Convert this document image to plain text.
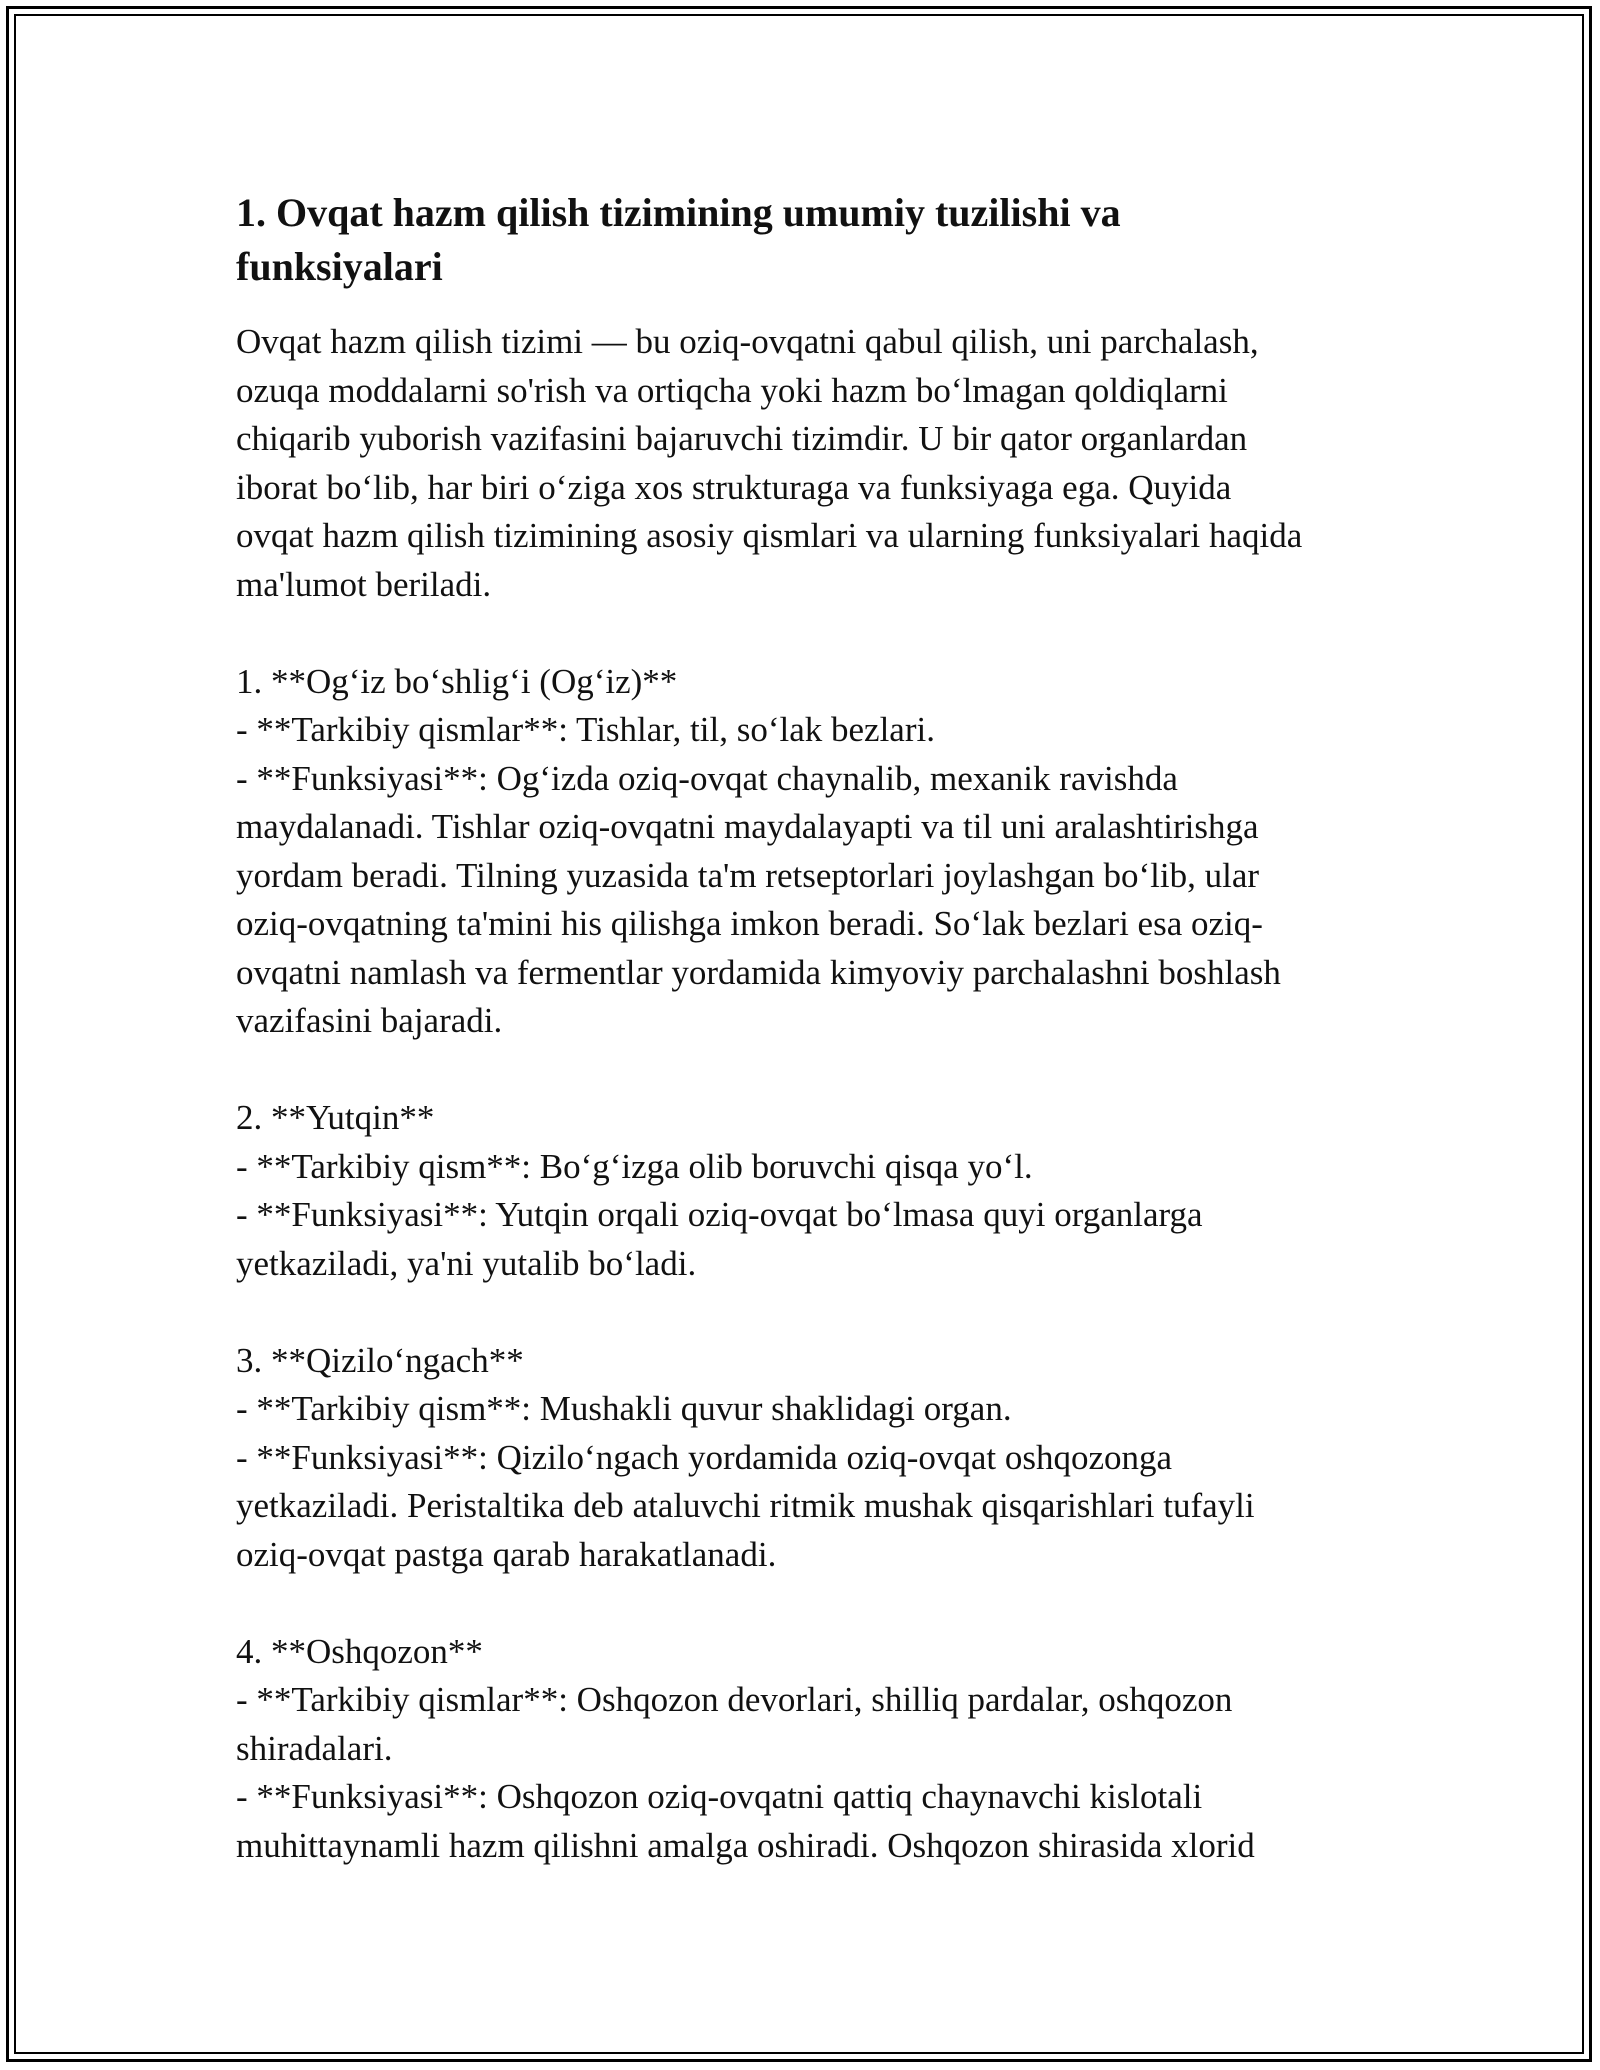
1. Ovqat hazm qilish tizimining umumiy tuzilishi va
funksiyalari

Ovqat hazm qilish tizimi — bu oziq-ovqatni qabul qilish, uni parchalash,
ozuqa moddalarni so'rish va ortiqcha yoki hazm boʻlmagan qoldiqlarni
chiqarib yuborish vazifasini bajaruvchi tizimdir. U bir qator organlardan
iborat boʻlib, har biri oʻziga xos strukturaga va funksiyaga ega. Quyida
ovqat hazm qilish tizimining asosiy qismlari va ularning funksiyalari haqida
ma'lumot beriladi.

1. **Ogʻiz boʻshligʻi (Ogʻiz)**

- **Tarkibiy qismlar**: Tishlar, til, soʻlak bezlari.

- **Funksiyasi**: Ogʻizda oziq-ovqat chaynalib, mexanik ravishda
maydalanadi. Tishlar oziq-ovqatni maydalayapti va til uni aralashtirishga
yordam beradi. Tilning yuzasida ta'm retseptorlari joylashgan boʻlib, ular
oziq-ovqatning ta'mini his qilishga imkon beradi. Soʻlak bezlari esa oziq-
ovqatni namlash va fermentlar yordamida kimyoviy parchalashni boshlash
vazifasini bajaradi.

2. **Yutqin**

- **Tarkibiy qism**: Boʻgʻizga olib boruvchi qisqa yoʻl.

- **Funksiyasi**: Yutqin orqali oziq-ovqat boʻlmasa quyi organlarga
yetkaziladi, ya'ni yutalib boʻladi.

3. **Qiziloʻngach**

- **Tarkibiy qism**: Mushakli quvur shaklidagi organ.

- **Funksiyasi**: Qiziloʻngach yordamida oziq-ovqat oshqozonga
yetkaziladi. Peristaltika deb ataluvchi ritmik mushak qisqarishlari tufayli
oziq-ovqat pastga qarab harakatlanadi.

4. **Oshqozon**

- **Tarkibiy qismlar**: Oshqozon devorlari, shilliq pardalar, oshqozon
shiradalari.

- **Funksiyasi**: Oshqozon oziq-ovqatni qattiq chaynavchi kislotali
muhittaynamli hazm qilishni amalga oshiradi. Oshqozon shirasida xlorid
